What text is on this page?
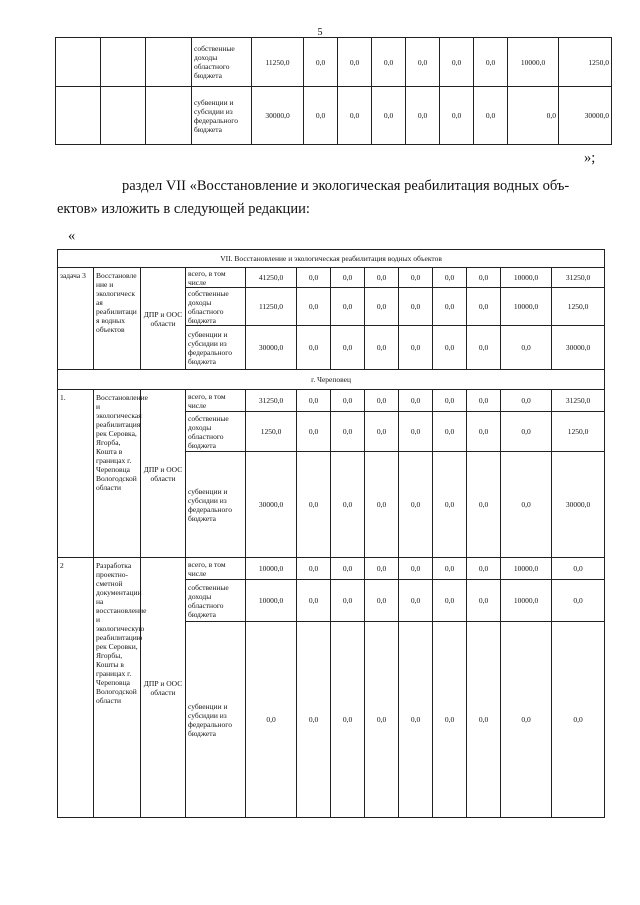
5
			собственные доходы областного бюджета	11250,0	0,0	0,0	0,0	0,0	0,0	0,0	10000,0	1250,0
			субвенции и субсидии из федерального бюджета	30000,0	0,0	0,0	0,0	0,0	0,0	0,0	0,0	30000,0
»;
раздел VII «Восстановление и экологическая реабилитация водных объ-
ектов» изложить в следующей редакции:
«
VII. Восстановление и экологическая реабилитация водных объектов												
задача 3	Восстановление и экологическая реабилитация водных объектов	ДПР и ООС области	всего, в том числе	41250,0	0,0	0,0	0,0	0,0	0,0	0,0	10000,0	31250,0
			собственные доходы областного бюджета	11250,0	0,0	0,0	0,0	0,0	0,0	0,0	10000,0	1250,0
			субвенции и субсидии из федерального бюджета	30000,0	0,0	0,0	0,0	0,0	0,0	0,0	0,0	30000,0
г. Череповец												
1.	Восстановление и экологическая реабилитация рек Серовка, Ягорба, Кошта в границах г. Череповца Вологодской области	ДПР и ООС области	всего, в том числе	31250,0	0,0	0,0	0,0	0,0	0,0	0,0	0,0	31250,0
			собственные доходы областного бюджета	1250,0	0,0	0,0	0,0	0,0	0,0	0,0	0,0	1250,0
			субвенции и субсидии из федерального бюджета	30000,0	0,0	0,0	0,0	0,0	0,0	0,0	0,0	30000,0
2	Разработка проектно-сметной документации на восстановление и экологическую реабилитацию рек Серовки, Ягорбы, Кошты в границах г. Череповца Вологодской области	ДПР и ООС области	всего, в том числе	10000,0	0,0	0,0	0,0	0,0	0,0	0,0	10000,0	0,0
			собственные доходы областного бюджета	10000,0	0,0	0,0	0,0	0,0	0,0	0,0	10000,0	0,0
			субвенции и субсидии из федерального бюджета	0,0	0,0	0,0	0,0	0,0	0,0	0,0	0,0	0,0
